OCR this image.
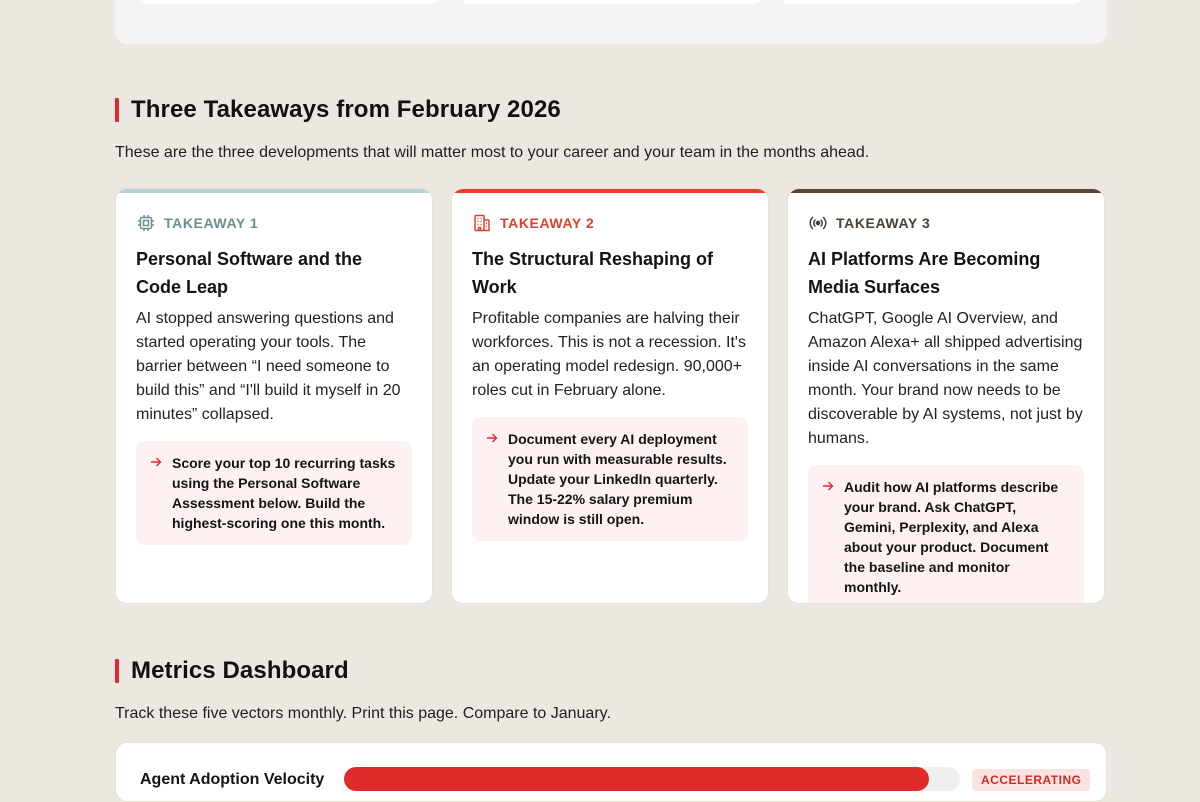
Three Takeaways from February 2026
These are the three developments that will matter most to your career and your team in the months ahead.
TAKEAWAY 1
Personal Software and the Code Leap
AI stopped answering questions and started operating your tools. The barrier between “I need someone to build this” and “I'll build it myself in 20 minutes” collapsed.
Score your top 10 recurring tasks using the Personal Software Assessment below. Build the highest-scoring one this month.
TAKEAWAY 2
The Structural Reshaping of Work
Profitable companies are halving their workforces. This is not a recession. It's an operating model redesign. 90,000+ roles cut in February alone.
Document every AI deployment you run with measurable results. Update your LinkedIn quarterly. The 15-22% salary premium window is still open.
TAKEAWAY 3
AI Platforms Are Becoming Media Surfaces
ChatGPT, Google AI Overview, and Amazon Alexa+ all shipped advertising inside AI conversations in the same month. Your brand now needs to be discoverable by AI systems, not just by humans.
Audit how AI platforms describe your brand. Ask ChatGPT, Gemini, Perplexity, and Alexa about your product. Document the baseline and monitor monthly.
Metrics Dashboard
Track these five vectors monthly. Print this page. Compare to January.
Agent Adoption Velocity	ACCELERATING
